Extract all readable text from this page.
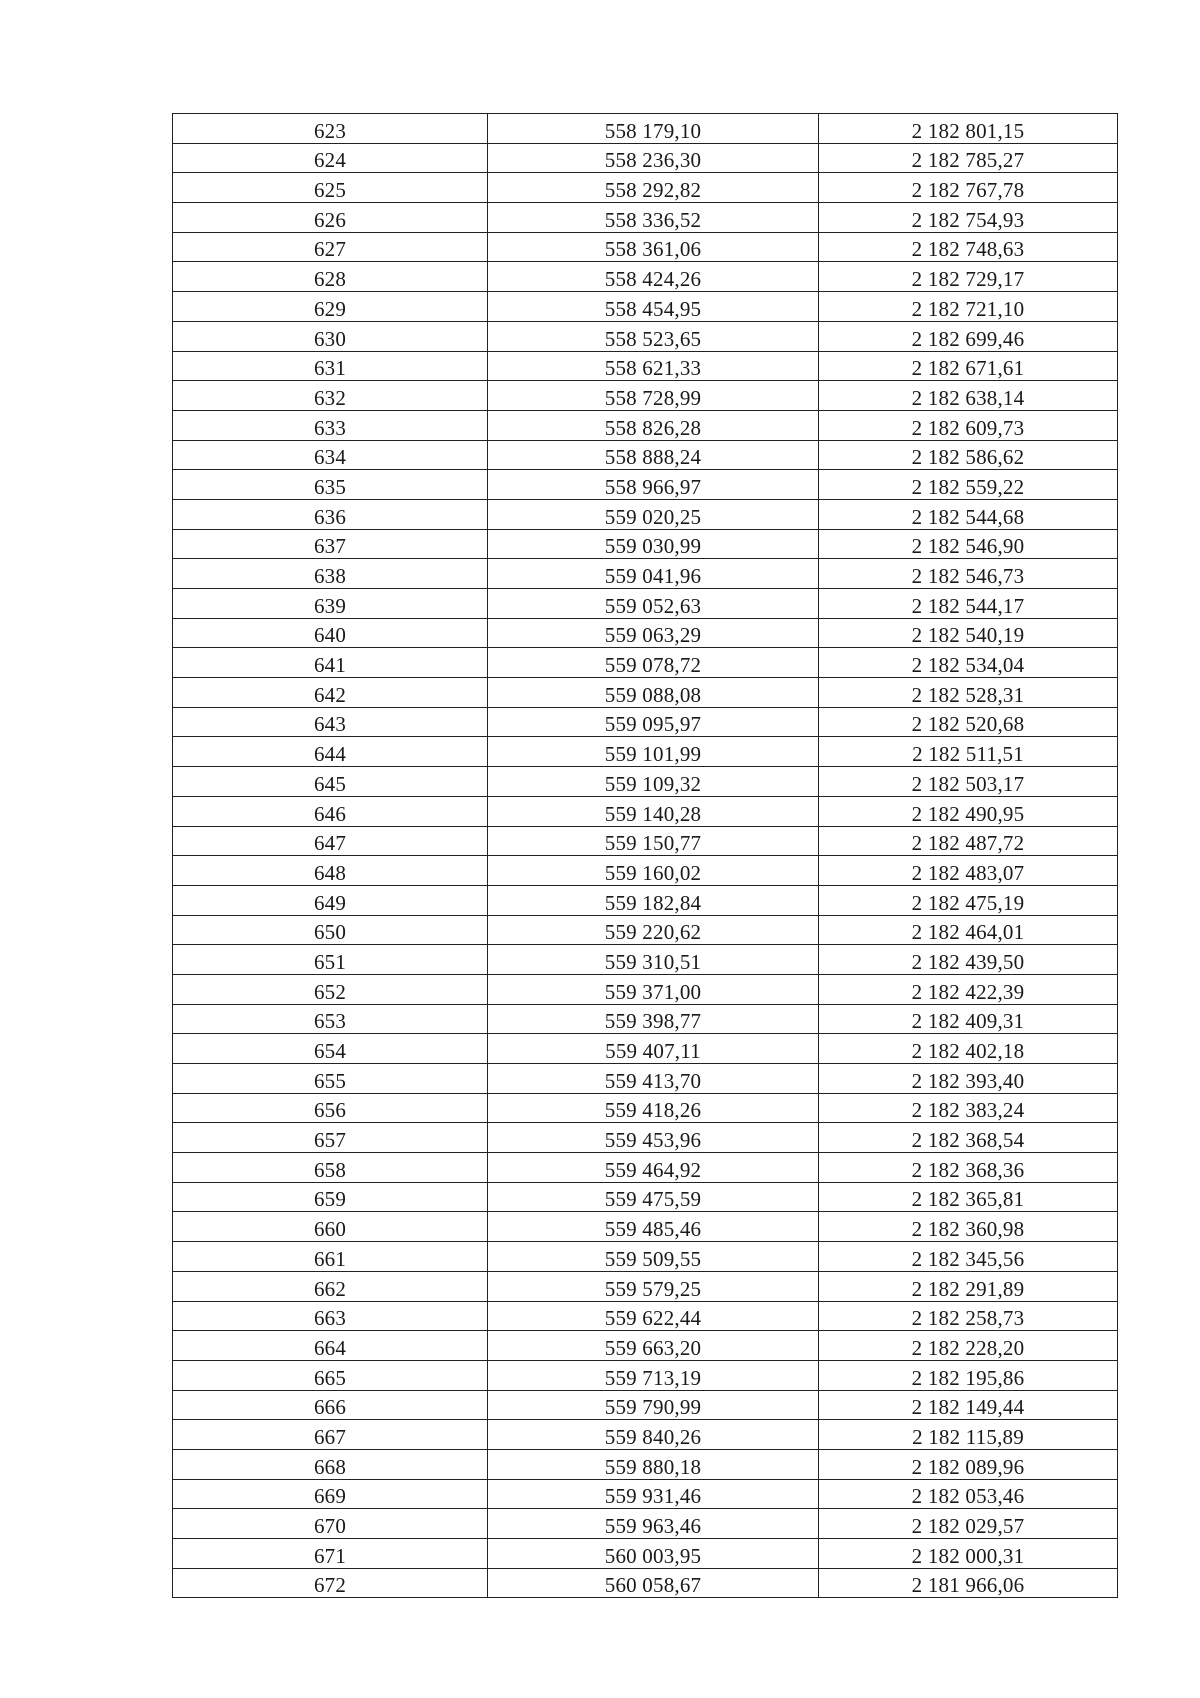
623	558 179,10	2 182 801,15
624	558 236,30	2 182 785,27
625	558 292,82	2 182 767,78
626	558 336,52	2 182 754,93
627	558 361,06	2 182 748,63
628	558 424,26	2 182 729,17
629	558 454,95	2 182 721,10
630	558 523,65	2 182 699,46
631	558 621,33	2 182 671,61
632	558 728,99	2 182 638,14
633	558 826,28	2 182 609,73
634	558 888,24	2 182 586,62
635	558 966,97	2 182 559,22
636	559 020,25	2 182 544,68
637	559 030,99	2 182 546,90
638	559 041,96	2 182 546,73
639	559 052,63	2 182 544,17
640	559 063,29	2 182 540,19
641	559 078,72	2 182 534,04
642	559 088,08	2 182 528,31
643	559 095,97	2 182 520,68
644	559 101,99	2 182 511,51
645	559 109,32	2 182 503,17
646	559 140,28	2 182 490,95
647	559 150,77	2 182 487,72
648	559 160,02	2 182 483,07
649	559 182,84	2 182 475,19
650	559 220,62	2 182 464,01
651	559 310,51	2 182 439,50
652	559 371,00	2 182 422,39
653	559 398,77	2 182 409,31
654	559 407,11	2 182 402,18
655	559 413,70	2 182 393,40
656	559 418,26	2 182 383,24
657	559 453,96	2 182 368,54
658	559 464,92	2 182 368,36
659	559 475,59	2 182 365,81
660	559 485,46	2 182 360,98
661	559 509,55	2 182 345,56
662	559 579,25	2 182 291,89
663	559 622,44	2 182 258,73
664	559 663,20	2 182 228,20
665	559 713,19	2 182 195,86
666	559 790,99	2 182 149,44
667	559 840,26	2 182 115,89
668	559 880,18	2 182 089,96
669	559 931,46	2 182 053,46
670	559 963,46	2 182 029,57
671	560 003,95	2 182 000,31
672	560 058,67	2 181 966,06
